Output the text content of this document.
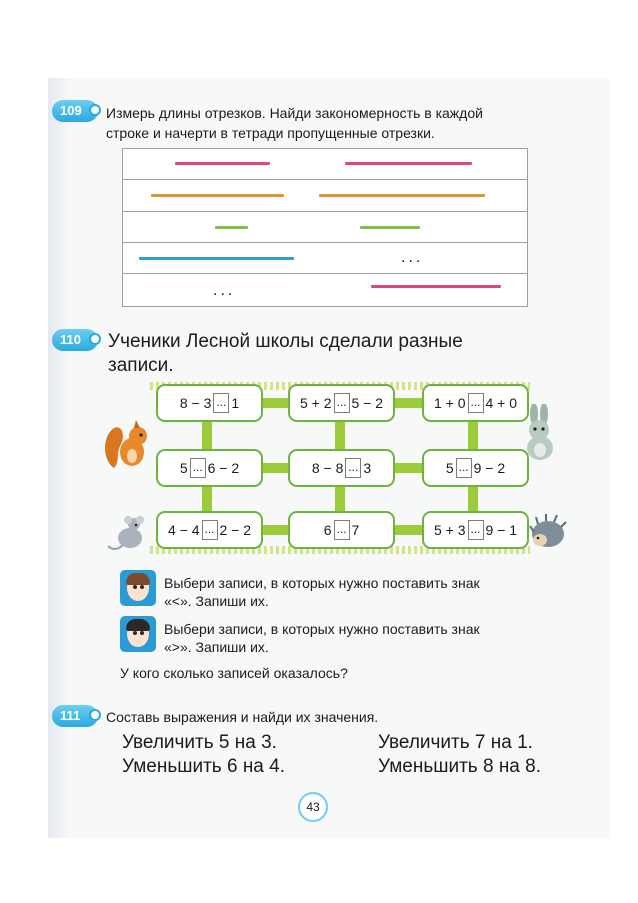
109	Измерь длины отрезков. Найди закономерность в каждой
строке и начерти в тетради пропущенные отрезки.
...
...
110	Ученики Лесной школы сделали разные
записи.
8 − 3 ... 1	5 + 2 ... 5 − 2	1 + 0 ... 4 + 0
5 ... 6 − 2	8 − 8 ... 3	5 ... 9 − 2
4 − 4 ... 2 − 2	6 ... 7	5 + 3 ... 9 − 1
Выбери записи, в которых нужно поставить знак
«<». Запиши их.
Выбери записи, в которых нужно поставить знак
«>». Запиши их.
У кого сколько записей оказалось?
111	Составь выражения и найди их значения.
Увеличить 5 на 3.	Увеличить 7 на 1.
Уменьшить 6 на 4.	Уменьшить 8 на 8.
43
